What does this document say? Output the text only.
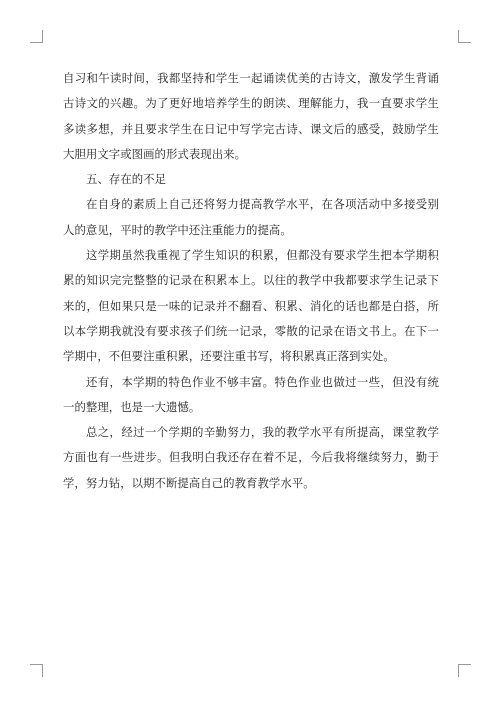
自习和午读时间，我都坚持和学生一起诵读优美的古诗文，激发学生背诵古诗文的兴趣。为了更好地培养学生的朗读、理解能力，我一直要求学生多读多想，并且要求学生在日记中写学完古诗、课文后的感受，鼓励学生大胆用文字或图画的形式表现出来。

五、存在的不足

在自身的素质上自己还将努力提高教学水平，在各项活动中多接受别人的意见，平时的教学中还注重能力的提高。

这学期虽然我重视了学生知识的积累，但都没有要求学生把本学期积累的知识完完整整的记录在积累本上。以往的教学中我都要求学生记录下来的，但如果只是一味的记录并不翻看、积累、消化的话也都是白搭，所以本学期我就没有要求孩子们统一记录，零散的记录在语文书上。在下一学期中，不但要注重积累，还要注重书写，将积累真正落到实处。

还有，本学期的特色作业不够丰富。特色作业也做过一些，但没有统一的整理，也是一大遗憾。

总之，经过一个学期的辛勤努力，我的教学水平有所提高，课堂教学方面也有一些进步。但我明白我还存在着不足，今后我将继续努力，勤于学，努力钻，以期不断提高自己的教育教学水平。
